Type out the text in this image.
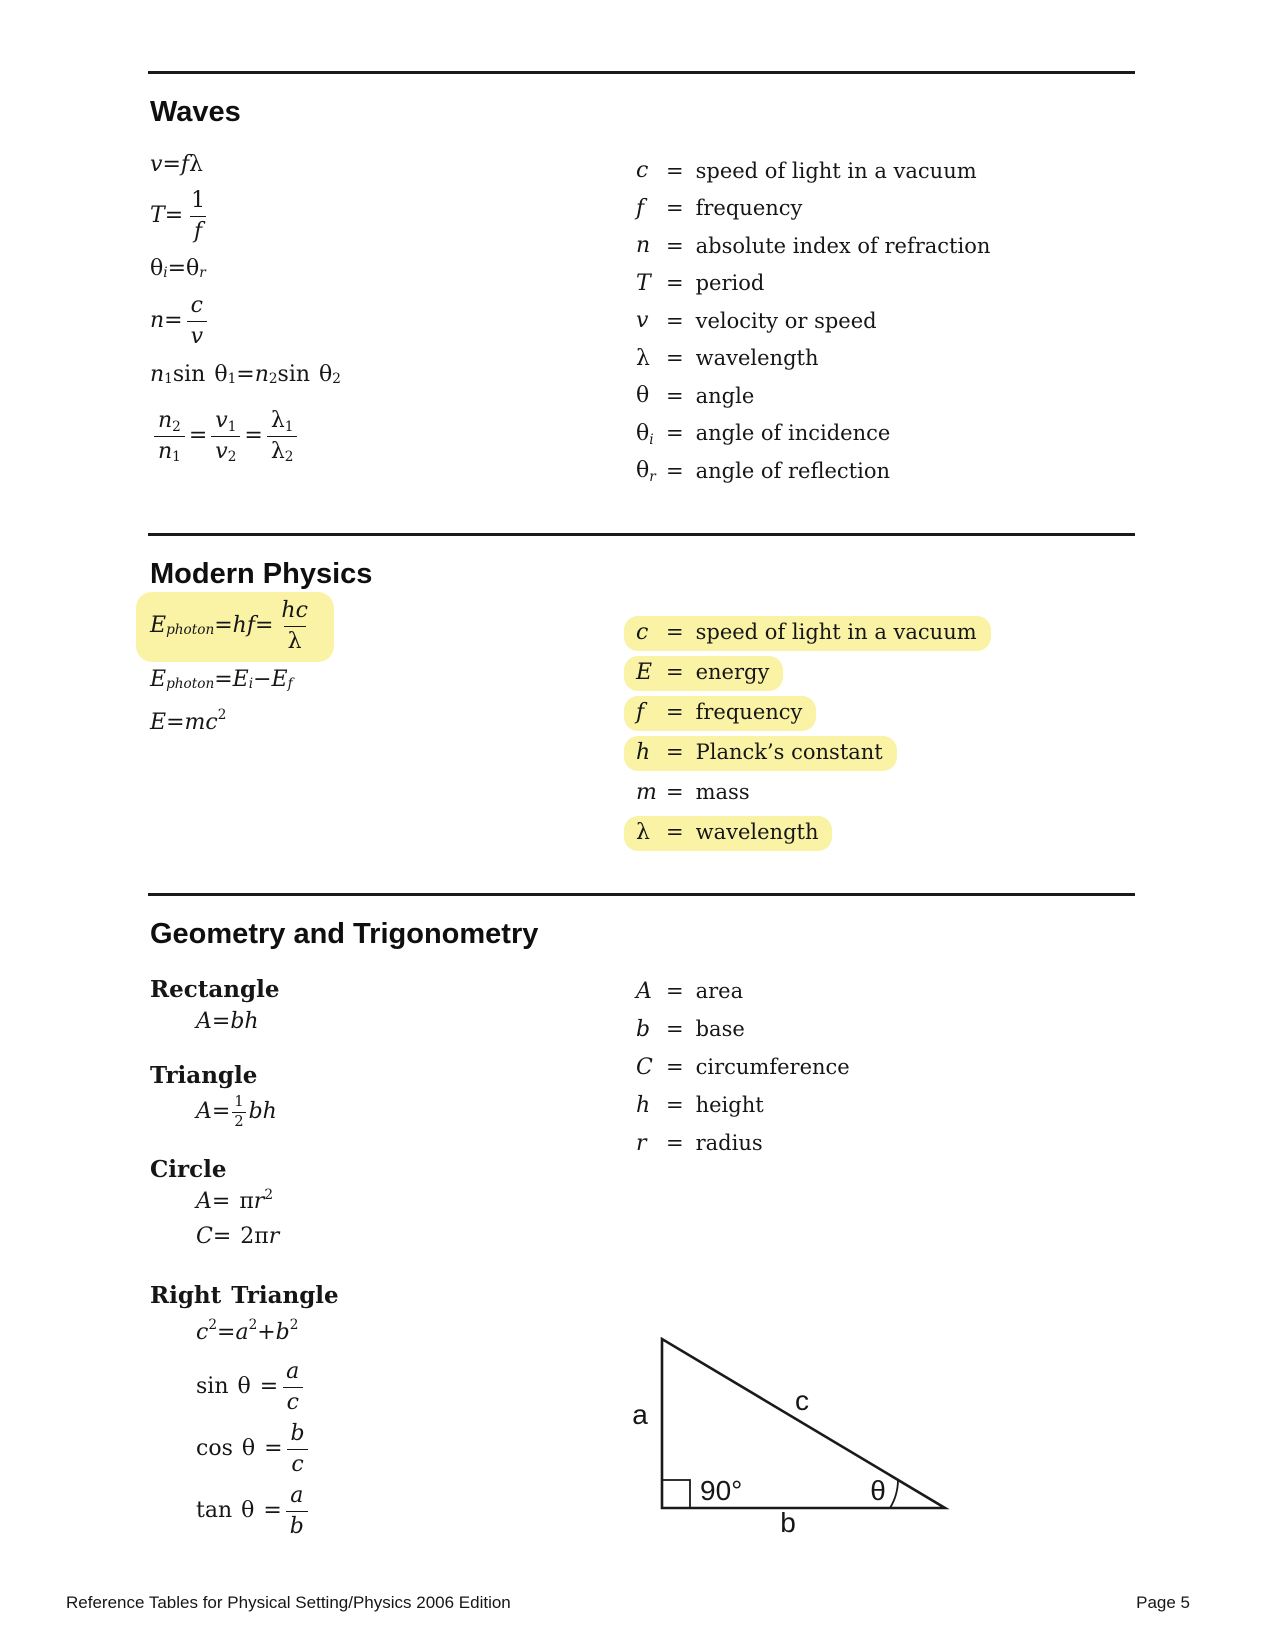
Waves
v = f λ
$T = \frac{1}{f}$
$\theta_i = \theta_r$
$n = \frac{c}{v}$
$n_1$ $\sin \theta_1 = n_2$ $\sin \theta_2$
$\frac{n_2}{n_1} = \frac{v_1}{v_2} = \frac{\lambda_1}{\lambda_2}$
c = speed of light in a vacuum
f	= frequency
n = absolute index of refraction
T = period
v = velocity or speed
λ = wavelength
θ = angle
$\theta_i$ = angle of incidence
$\theta_r$ = angle of reflection
Modern Physics
$E_{photon}$ = hf = $\frac{hc}{\lambda}$
$E_{photon} = E_i - E_f$
$E = mc^2$
c = speed of light in a vacuum
E = energy
f	= frequency
h = Planck’s constant
m = mass
λ = wavelength
Geometry and Trigonometry
Rectangle
A = bh
Triangle
$A = \frac{1}{2}$ bh
Circle
A = π $r^2$
C = 2π r
Right Triangle
$c^2 = a^2 + b^2$
$\sin \theta = \frac{a}{c}$
$\cos \theta = \frac{b}{c}$
$\tan \theta = \frac{a}{b}$
A = area
b = base
C = circumference
h = height
r = radius
a	c
b
90°	θ
Reference Tables for Physical Setting/Physics 2006 Edition	Page 5
